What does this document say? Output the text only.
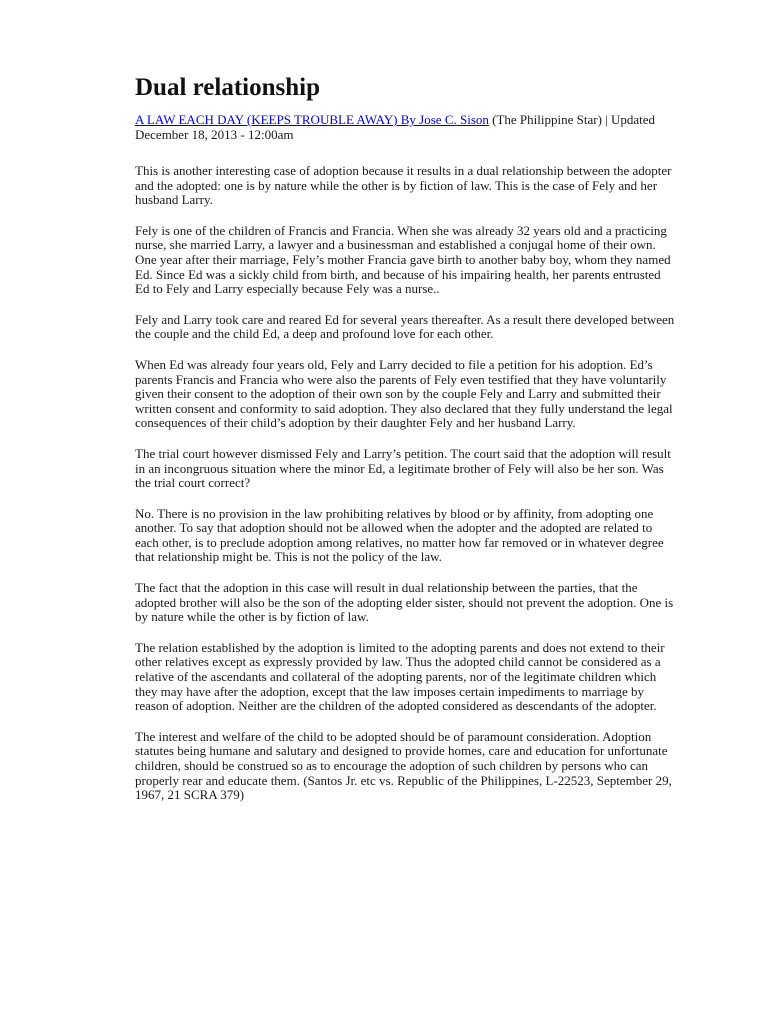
Dual relationship
A LAW EACH DAY (KEEPS TROUBLE AWAY) By Jose C. Sison (The Philippine Star) | Updated December 18, 2013 - 12:00am

This is another interesting case of adoption because it results in a dual relationship between the adopter and the adopted: one is by nature while the other is by fiction of law. This is the case of Fely and her husband Larry.

Fely is one of the children of Francis and Francia. When she was already 32 years old and a practicing nurse, she married Larry, a lawyer and a businessman and established a conjugal home of their own. One year after their marriage, Fely’s mother Francia gave birth to another baby boy, whom they named Ed. Since Ed was a sickly child from birth, and because of his impairing health, her parents entrusted Ed to Fely and Larry especially because Fely was a nurse..

Fely and Larry took care and reared Ed for several years thereafter. As a result there developed between the couple and the child Ed, a deep and profound love for each other.

When Ed was already four years old, Fely and Larry decided to file a petition for his adoption. Ed’s parents Francis and Francia who were also the parents of Fely even testified that they have voluntarily given their consent to the adoption of their own son by the couple Fely and Larry and submitted their written consent and conformity to said adoption. They also declared that they fully understand the legal consequences of their child’s adoption by their daughter Fely and her husband Larry.

The trial court however dismissed Fely and Larry’s petition. The court said that the adoption will result in an incongruous situation where the minor Ed, a legitimate brother of Fely will also be her son. Was the trial court correct?

No. There is no provision in the law prohibiting relatives by blood or by affinity, from adopting one another. To say that adoption should not be allowed when the adopter and the adopted are related to each other, is to preclude adoption among relatives, no matter how far removed or in whatever degree that relationship might be. This is not the policy of the law.

The fact that the adoption in this case will result in dual relationship between the parties, that the adopted brother will also be the son of the adopting elder sister, should not prevent the adoption. One is by nature while the other is by fiction of law.

The relation established by the adoption is limited to the adopting parents and does not extend to their other relatives except as expressly provided by law. Thus the adopted child cannot be considered as a relative of the ascendants and collateral of the adopting parents, nor of the legitimate children which they may have after the adoption, except that the law imposes certain impediments to marriage by reason of adoption. Neither are the children of the adopted considered as descendants of the adopter.

The interest and welfare of the child to be adopted should be of paramount consideration. Adoption statutes being humane and salutary and designed to provide homes, care and education for unfortunate children, should be construed so as to encourage the adoption of such children by persons who can properly rear and educate them. (Santos Jr. etc vs. Republic of the Philippines, L-22523, September 29, 1967, 21 SCRA 379)
